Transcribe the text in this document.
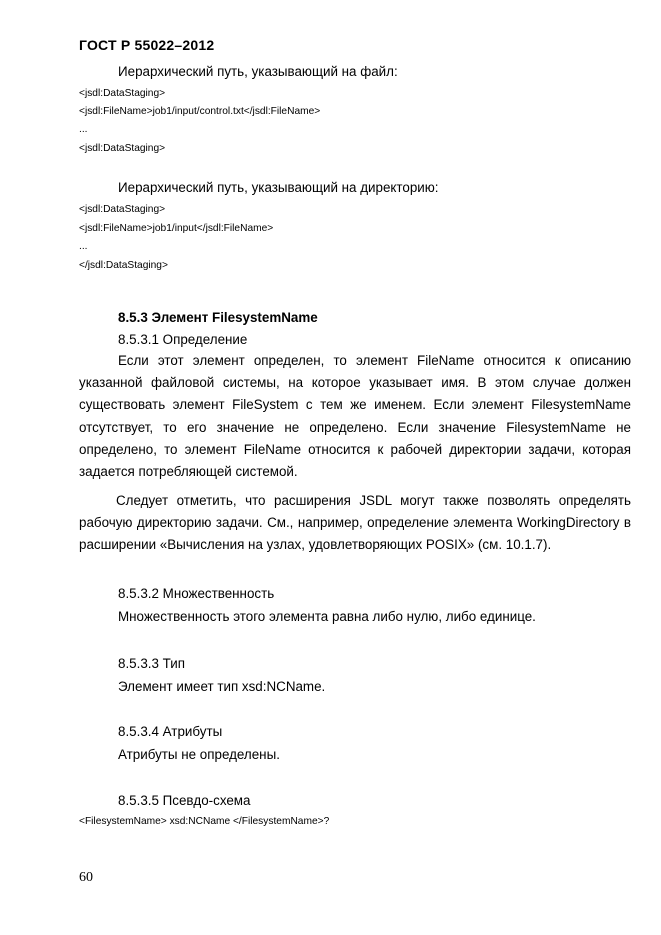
ГОСТ Р 55022–2012
Иерархический путь, указывающий на файл:
<jsdl:DataStaging>
<jsdl:FileName>job1/input/control.txt</jsdl:FileName>
...
<jsdl:DataStaging>
Иерархический путь, указывающий на директорию:
<jsdl:DataStaging>
<jsdl:FileName>job1/input</jsdl:FileName>
...
</jsdl:DataStaging>
8.5.3 Элемент FilesystemName
8.5.3.1 Определение
Если этот элемент определен, то элемент FileName относится к описанию указанной файловой системы, на которое указывает имя. В этом случае должен существовать элемент FileSystem с тем же именем. Если элемент FilesystemName отсутствует, то его значение не определено. Если значение FilesystemName не определено, то элемент FileName относится к рабочей директории задачи, которая задается потребляющей системой.
Следует отметить, что расширения JSDL могут также позволять определять рабочую директорию задачи. См., например, определение элемента WorkingDirectory в расширении «Вычисления на узлах, удовлетворяющих POSIX» (см. 10.1.7).
8.5.3.2 Множественность
Множественность этого элемента равна либо нулю, либо единице.
8.5.3.3 Тип
Элемент имеет тип xsd:NCName.
8.5.3.4 Атрибуты
Атрибуты не определены.
8.5.3.5 Псевдо-схема
<FilesystemName> xsd:NCName </FilesystemName>?
60
